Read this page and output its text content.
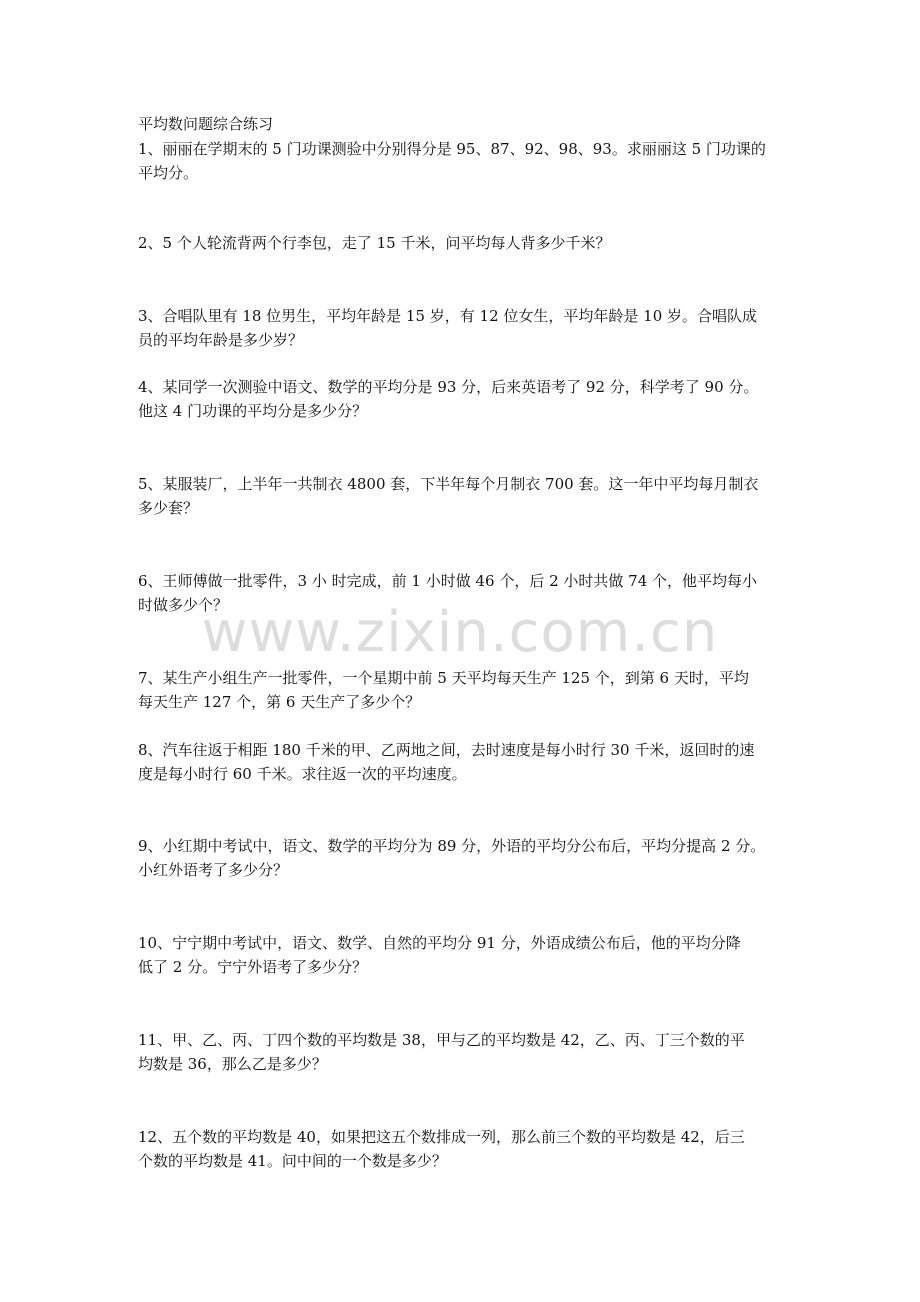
平均数问题综合练习
1、丽丽在学期末的 5 门功课测验中分别得分是 95、87、92、98、93。求丽丽这 5 门功课的
平均分。
2、5 个人轮流背两个行李包，走了 15 千米，问平均每人背多少千米？
3、合唱队里有 18 位男生，平均年龄是 15 岁，有 12 位女生，平均年龄是 10 岁。合唱队成
员的平均年龄是多少岁？
4、某同学一次测验中语文、数学的平均分是 93 分，后来英语考了 92 分，科学考了 90 分。
他这 4 门功课的平均分是多少分？
5、某服装厂，上半年一共制衣 4800 套，下半年每个月制衣 700 套。这一年中平均每月制衣
多少套？
6、王师傅做一批零件，3 小 时完成，前 1 小时做 46 个，后 2 小时共做 74 个，他平均每小
时做多少个？
7、某生产小组生产一批零件，一个星期中前 5 天平均每天生产 125 个，到第 6 天时，平均
每天生产 127 个，第 6 天生产了多少个？
8、汽车往返于相距 180 千米的甲、乙两地之间，去时速度是每小时行 30 千米，返回时的速
度是每小时行 60 千米。求往返一次的平均速度。
9、小红期中考试中，语文、数学的平均分为 89 分，外语的平均分公布后，平均分提高 2 分。
小红外语考了多少分？
10、宁宁期中考试中，语文、数学、自然的平均分 91 分，外语成绩公布后，他的平均分降
低了 2 分。宁宁外语考了多少分？
11、甲、乙、丙、丁四个数的平均数是 38，甲与乙的平均数是 42，乙、丙、丁三个数的平
均数是 36，那么乙是多少？
12、五个数的平均数是 40，如果把这五个数排成一列，那么前三个数的平均数是 42，后三
个数的平均数是 41。问中间的一个数是多少？
www.zixin.com.cn
